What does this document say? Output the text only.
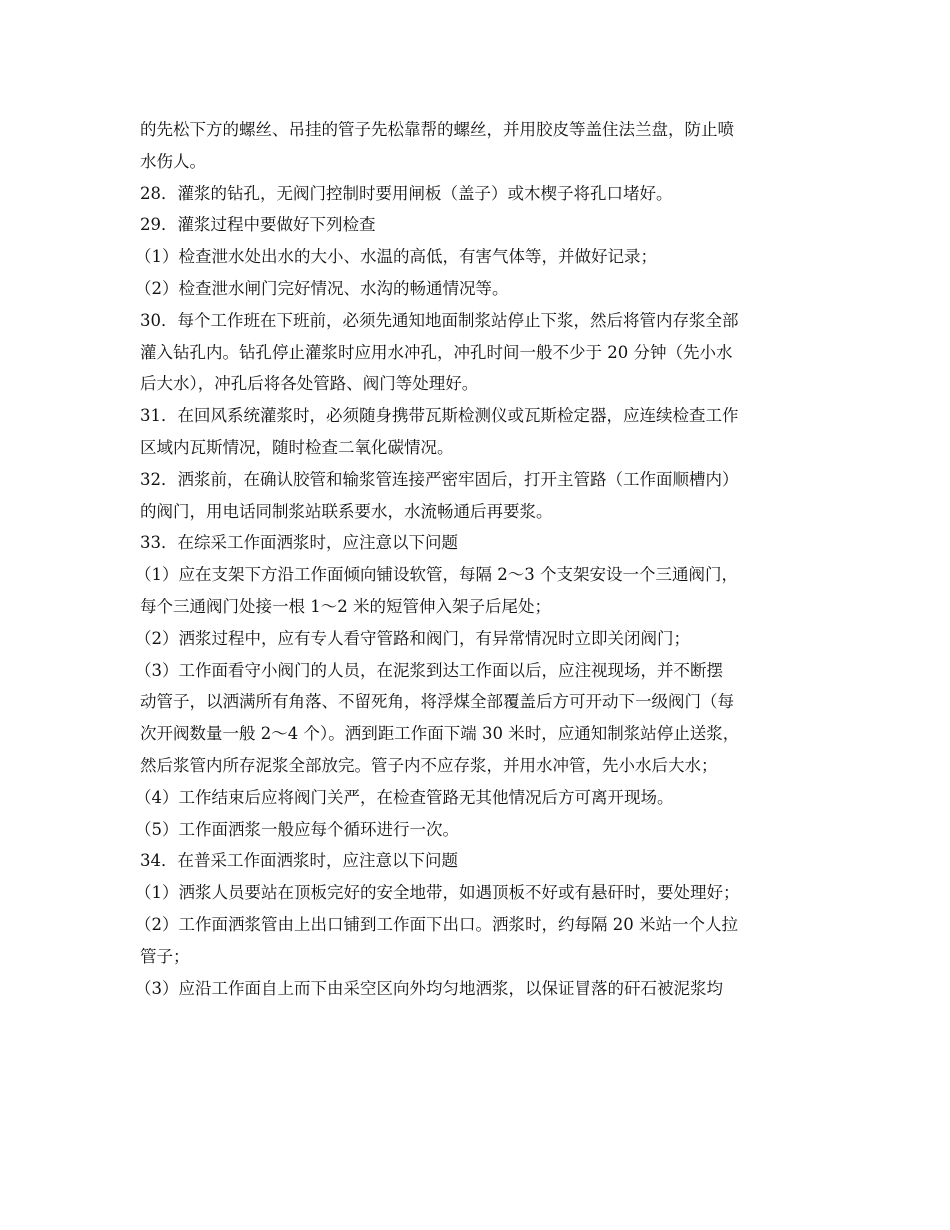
的先松下方的螺丝、吊挂的管子先松靠帮的螺丝，并用胶皮等盖住法兰盘，防止喷
水伤人。
28．灌浆的钻孔，无阀门控制时要用闸板（盖子）或木楔子将孔口堵好。
29．灌浆过程中要做好下列检查
（1）检查泄水处出水的大小、水温的高低，有害气体等，并做好记录；
（2）检查泄水闸门完好情况、水沟的畅通情况等。
30．每个工作班在下班前，必须先通知地面制浆站停止下浆，然后将管内存浆全部
灌入钻孔内。钻孔停止灌浆时应用水冲孔，冲孔时间一般不少于 20 分钟（先小水
后大水），冲孔后将各处管路、阀门等处理好。
31．在回风系统灌浆时，必须随身携带瓦斯检测仪或瓦斯检定器，应连续检查工作
区域内瓦斯情况，随时检查二氧化碳情况。
32．洒浆前，在确认胶管和输浆管连接严密牢固后，打开主管路（工作面顺槽内）
的阀门，用电话同制浆站联系要水，水流畅通后再要浆。
33．在综采工作面洒浆时，应注意以下问题
（1）应在支架下方沿工作面倾向铺设软管，每隔 2～3 个支架安设一个三通阀门，
每个三通阀门处接一根 1～2 米的短管伸入架子后尾处；
（2）洒浆过程中，应有专人看守管路和阀门，有异常情况时立即关闭阀门；
（3）工作面看守小阀门的人员，在泥浆到达工作面以后，应注视现场，并不断摆
动管子，以洒满所有角落、不留死角，将浮煤全部覆盖后方可开动下一级阀门（每
次开阀数量一般 2～4 个）。洒到距工作面下端 30 米时，应通知制浆站停止送浆，
然后浆管内所存泥浆全部放完。管子内不应存浆，并用水冲管，先小水后大水；
（4）工作结束后应将阀门关严，在检查管路无其他情况后方可离开现场。
（5）工作面洒浆一般应每个循环进行一次。
34．在普采工作面洒浆时，应注意以下问题
（1）洒浆人员要站在顶板完好的安全地带，如遇顶板不好或有悬矸时，要处理好；
（2）工作面洒浆管由上出口铺到工作面下出口。洒浆时，约每隔 20 米站一个人拉
管子；
（3）应沿工作面自上而下由采空区向外均匀地洒浆，以保证冒落的矸石被泥浆均
